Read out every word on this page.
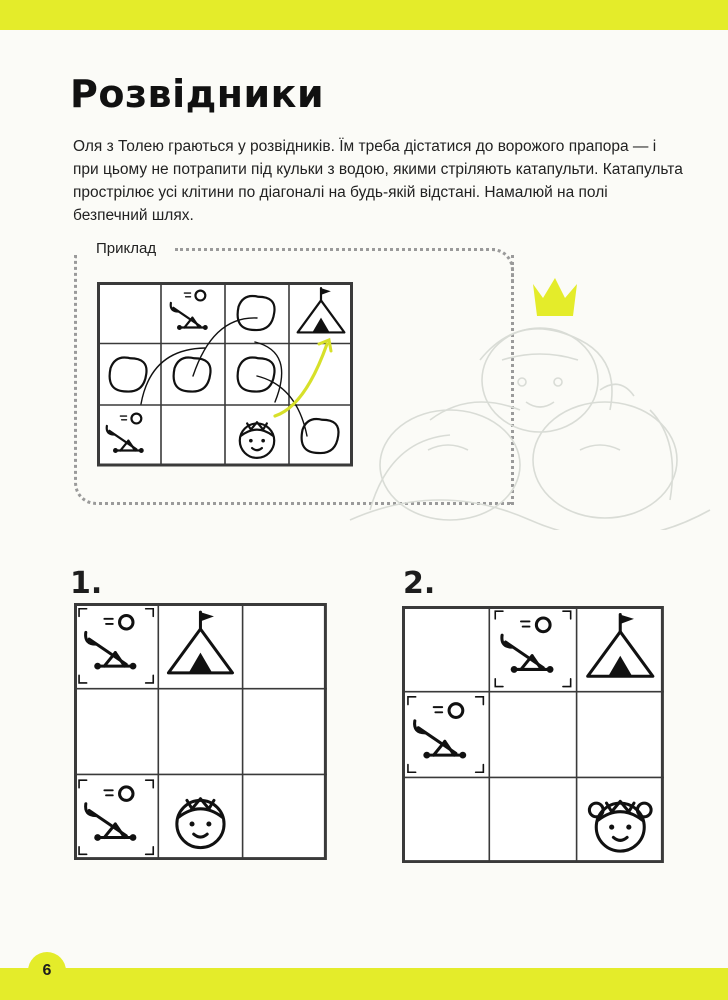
Розвідники

Оля з Толею граються у розвідників. Їм треба дістатися до ворожого прапора — і при цьому не потрапити під кульки з водою, якими стріляють катапульти. Катапульта прострілює усі клітини по діагоналі на будь-якій відстані. Намалюй на полі безпечний шлях.

Приклад
1.	2.
6
